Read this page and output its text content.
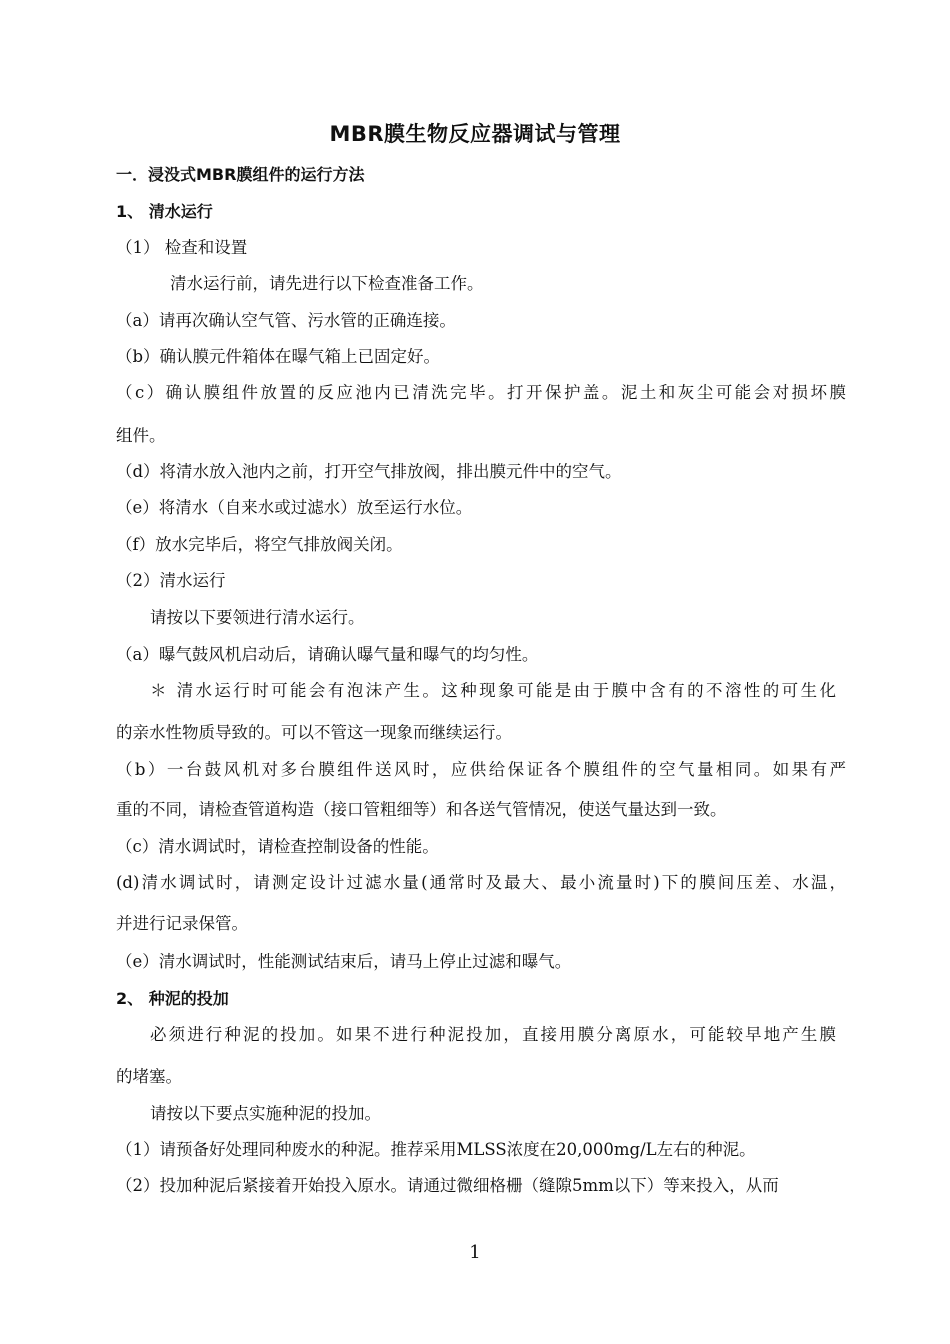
MBR膜生物反应器调试与管理
一．浸没式MBR膜组件的运行方法
1、 清水运行
（1） 检查和设置
清水运行前，请先进行以下检查准备工作。
（a）请再次确认空气管、污水管的正确连接。
（b）确认膜元件箱体在曝气箱上已固定好。
（c）确认膜组件放置的反应池内已清洗完毕。打开保护盖。泥土和灰尘可能会对损坏膜
组件。
（d）将清水放入池内之前，打开空气排放阀，排出膜元件中的空气。
（e）将清水（自来水或过滤水）放至运行水位。
（f）放水完毕后，将空气排放阀关闭。
（2）清水运行
请按以下要领进行清水运行。
（a）曝气鼓风机启动后，请确认曝气量和曝气的均匀性。
＊ 清水运行时可能会有泡沫产生。这种现象可能是由于膜中含有的不溶性的可生化
的亲水性物质导致的。可以不管这一现象而继续运行。
（b）一台鼓风机对多台膜组件送风时，应供给保证各个膜组件的空气量相同。如果有严
重的不同，请检查管道构造（接口管粗细等）和各送气管情况，使送气量达到一致。
（c）清水调试时，请检查控制设备的性能。
(d)清水调试时，请测定设计过滤水量(通常时及最大、最小流量时)下的膜间压差、水温，
并进行记录保管。
（e）清水调试时，性能测试结束后，请马上停止过滤和曝气。
2、 种泥的投加
必须进行种泥的投加。如果不进行种泥投加，直接用膜分离原水，可能较早地产生膜
的堵塞。
请按以下要点实施种泥的投加。
（1）请预备好处理同种废水的种泥。推荐采用MLSS浓度在20,000mg/L左右的种泥。
（2）投加种泥后紧接着开始投入原水。请通过微细格栅（缝隙5mm以下）等来投入，从而
1
